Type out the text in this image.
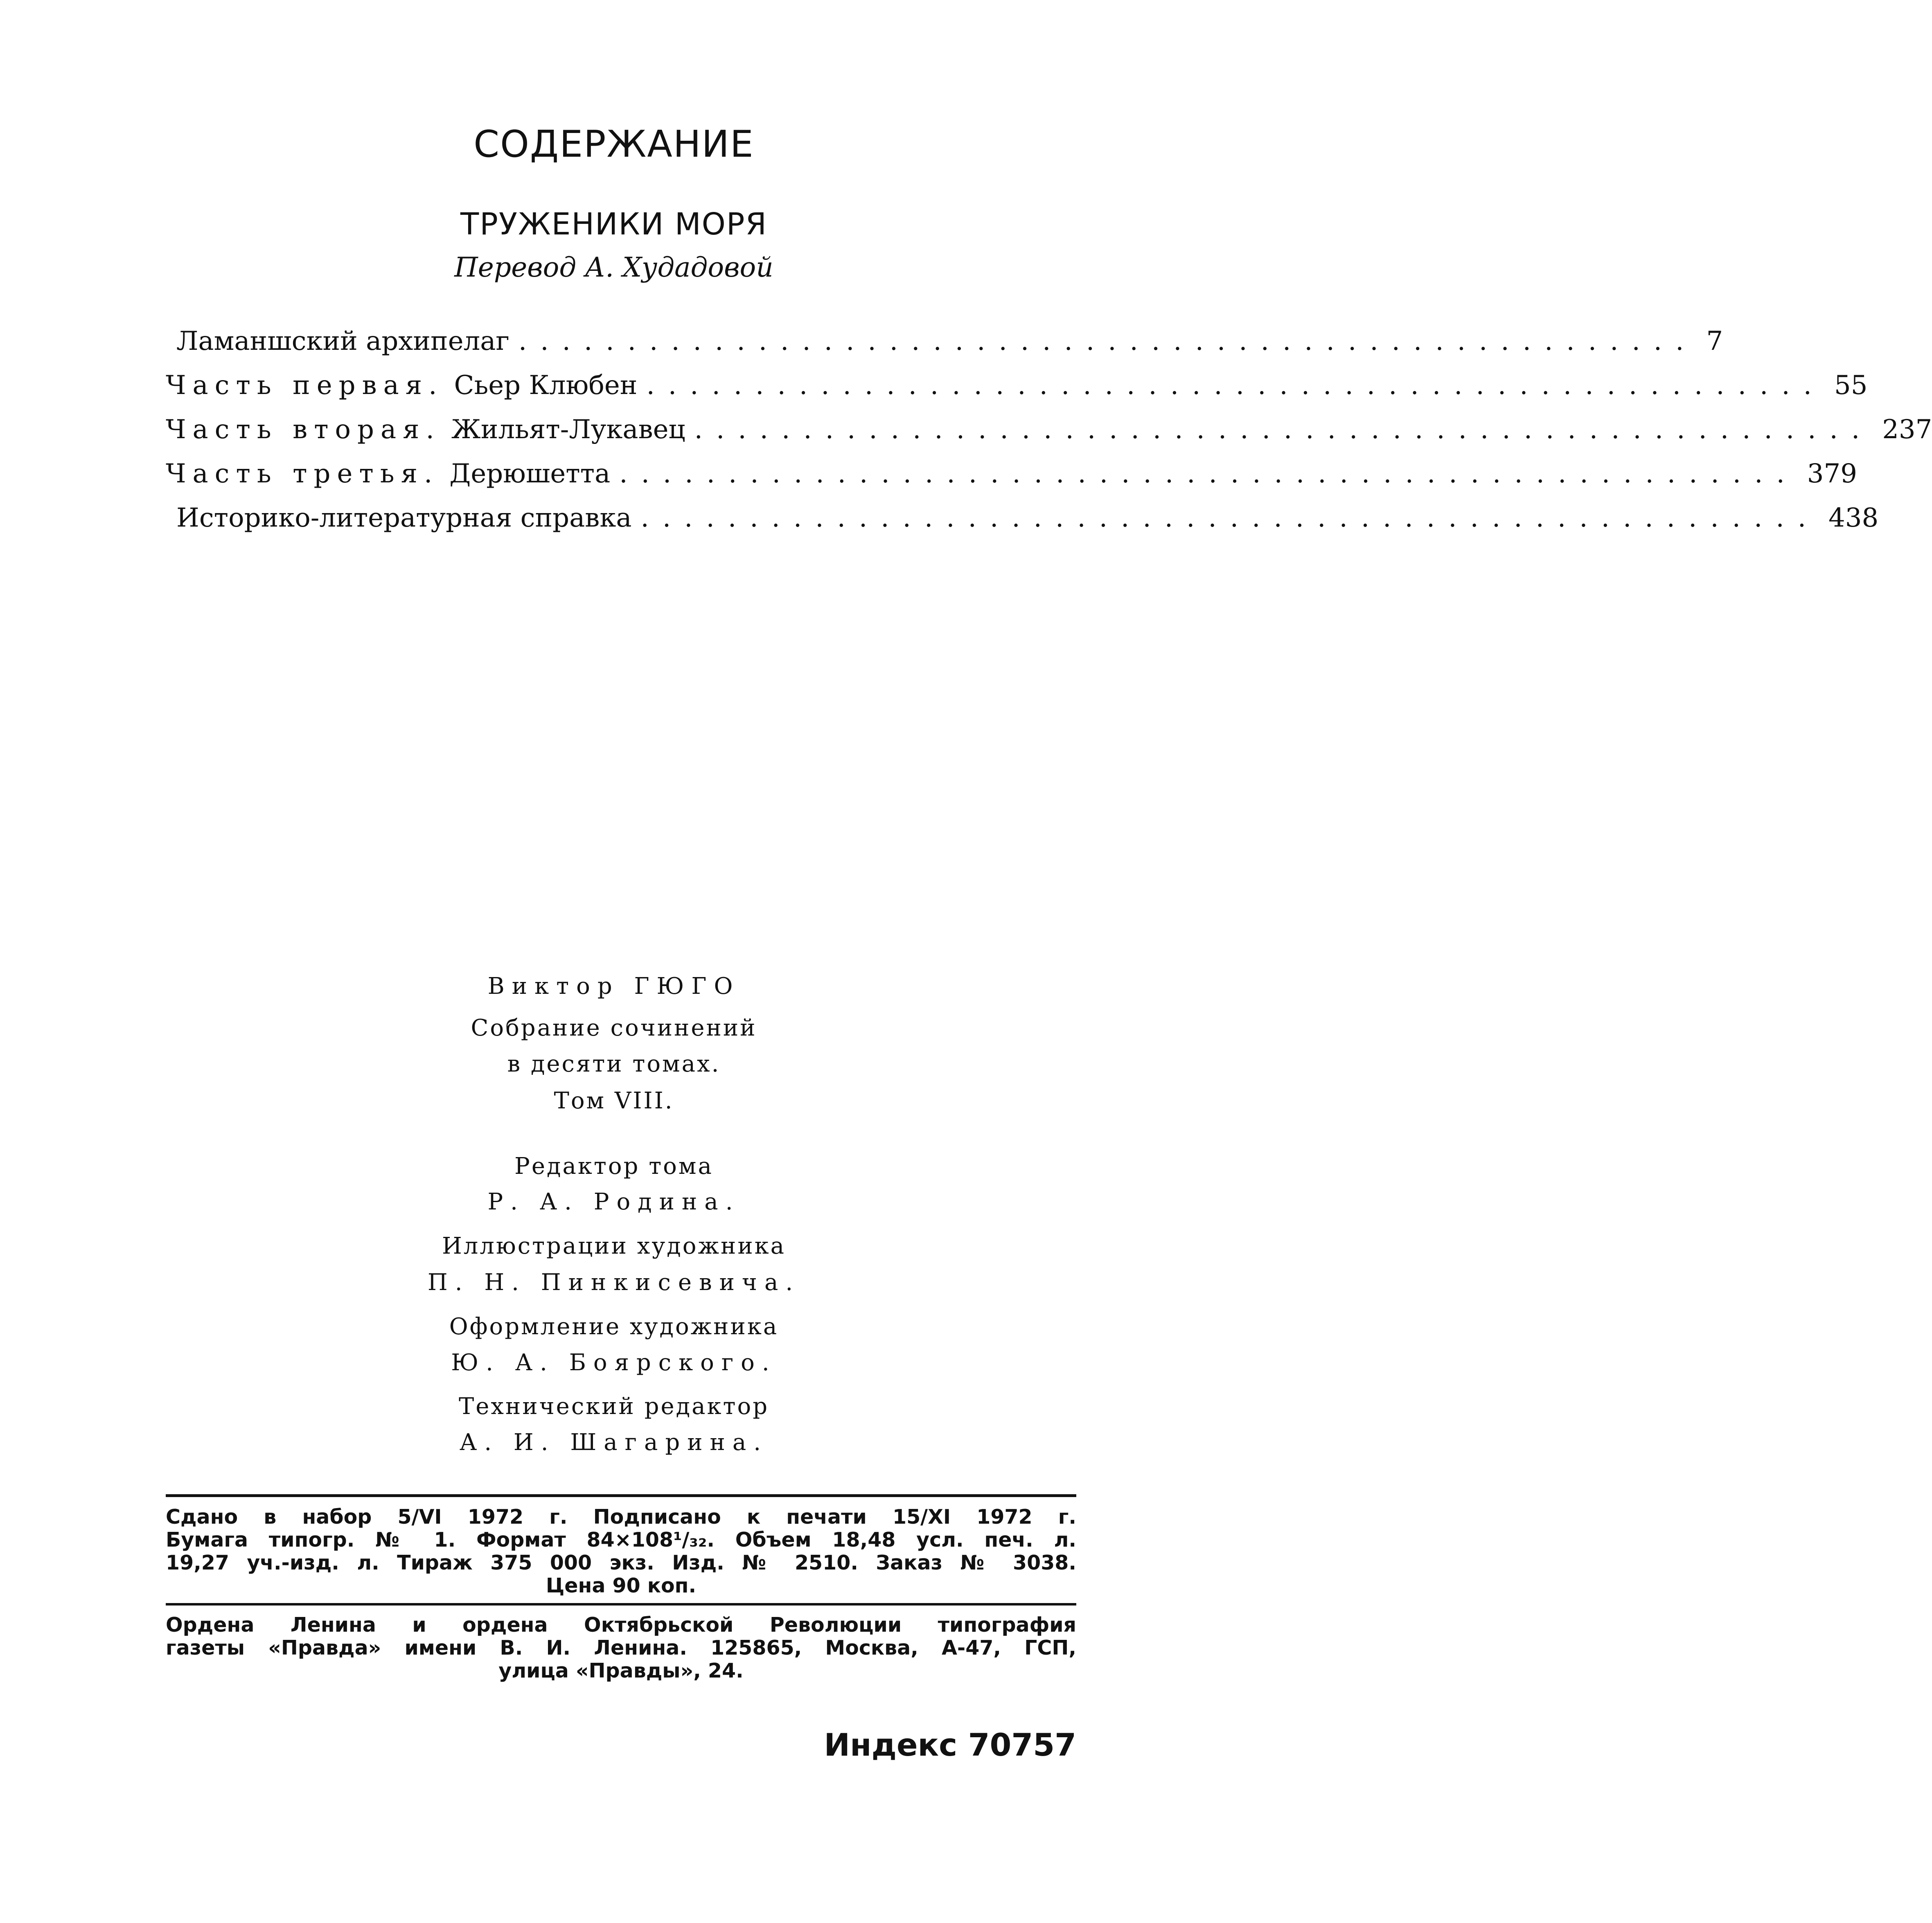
СОДЕРЖАНИЕ
ТРУЖЕНИКИ МОРЯ
Перевод А. Худадовой
Ламаншский архипелаг ...................................................... 7
Часть первая. Сьер Клюбен ...................................................... 55
Часть вторая. Жильят-Лукавец ...................................................... 237
Часть третья. Дерюшетта ...................................................... 379
Историко-литературная справка ...................................................... 438
Виктор ГЮГО
Собрание сочинений
в десяти томах.
Том VIII.
Редактор тома
Р. А. Родина.
Иллюстрации художника
П. Н. Пинкисевича.
Оформление художника
Ю. А. Боярского.
Технический редактор
А. И. Шагарина.
Сдано в набор 5/VI 1972 г. Подписано к печати 15/XI 1972 г.
Бумага типогр. № 1. Формат 84×108¹/₃₂. Объем 18,48 усл. печ. л.
19,27 уч.-изд. л. Тираж 375 000 экз. Изд. № 2510. Заказ № 3038.
Цена 90 коп.
Ордена Ленина и ордена Октябрьской Революции типография
газеты «Правда» имени В. И. Ленина. 125865, Москва, А-47, ГСП,
улица «Правды», 24.
Индекс 70757
